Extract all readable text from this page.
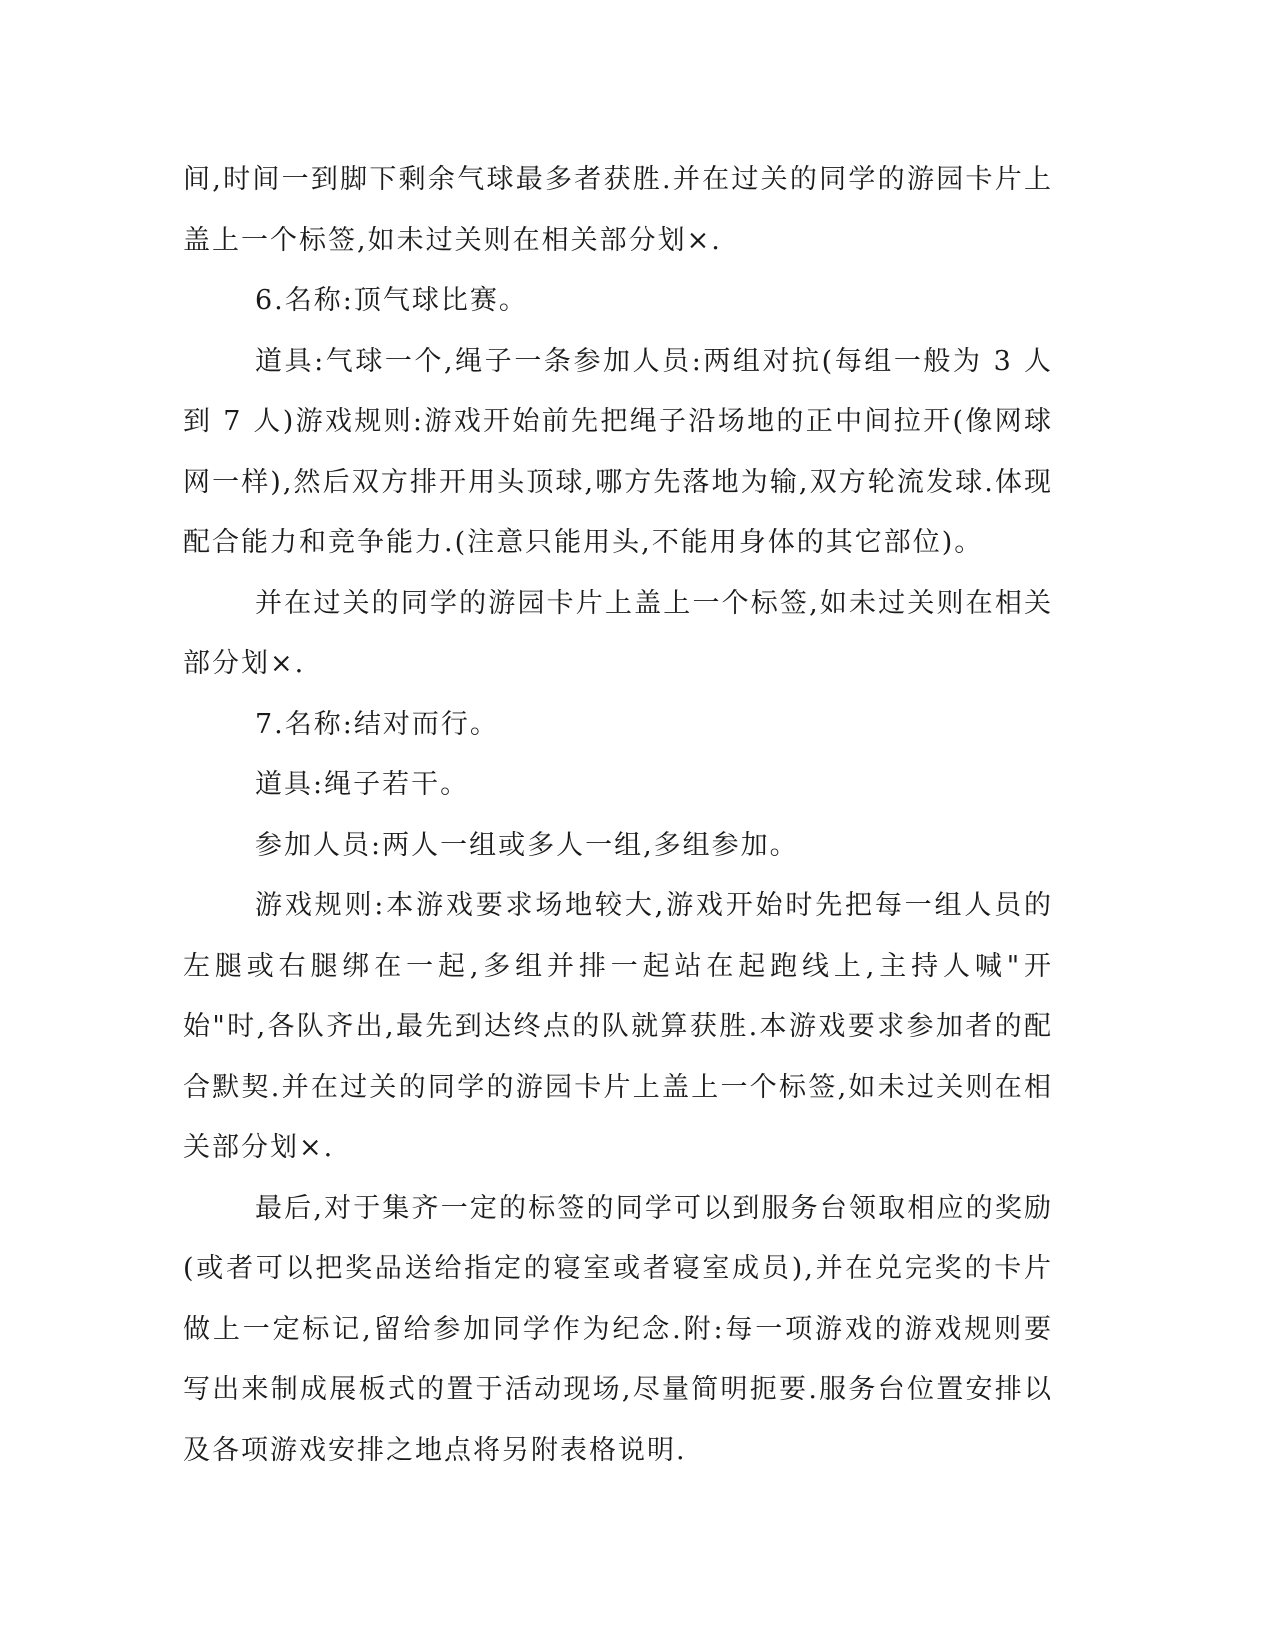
间,时间一到脚下剩余气球最多者获胜.并在过关的同学的游园卡片上盖上一个标签,如未过关则在相关部分划×.

6.名称:顶气球比赛。

道具:气球一个,绳子一条参加人员:两组对抗(每组一般为 3 人到 7 人)游戏规则:游戏开始前先把绳子沿场地的正中间拉开(像网球网一样),然后双方排开用头顶球,哪方先落地为输,双方轮流发球.体现配合能力和竞争能力.(注意只能用头,不能用身体的其它部位)。

并在过关的同学的游园卡片上盖上一个标签,如未过关则在相关部分划×.

7.名称:结对而行。

道具:绳子若干。

参加人员:两人一组或多人一组,多组参加。

游戏规则:本游戏要求场地较大,游戏开始时先把每一组人员的左腿或右腿绑在一起,多组并排一起站在起跑线上,主持人喊"开始"时,各队齐出,最先到达终点的队就算获胜.本游戏要求参加者的配合默契.并在过关的同学的游园卡片上盖上一个标签,如未过关则在相关部分划×.

最后,对于集齐一定的标签的同学可以到服务台领取相应的奖励(或者可以把奖品送给指定的寝室或者寝室成员),并在兑完奖的卡片做上一定标记,留给参加同学作为纪念.附:每一项游戏的游戏规则要写出来制成展板式的置于活动现场,尽量简明扼要.服务台位置安排以及各项游戏安排之地点将另附表格说明.
